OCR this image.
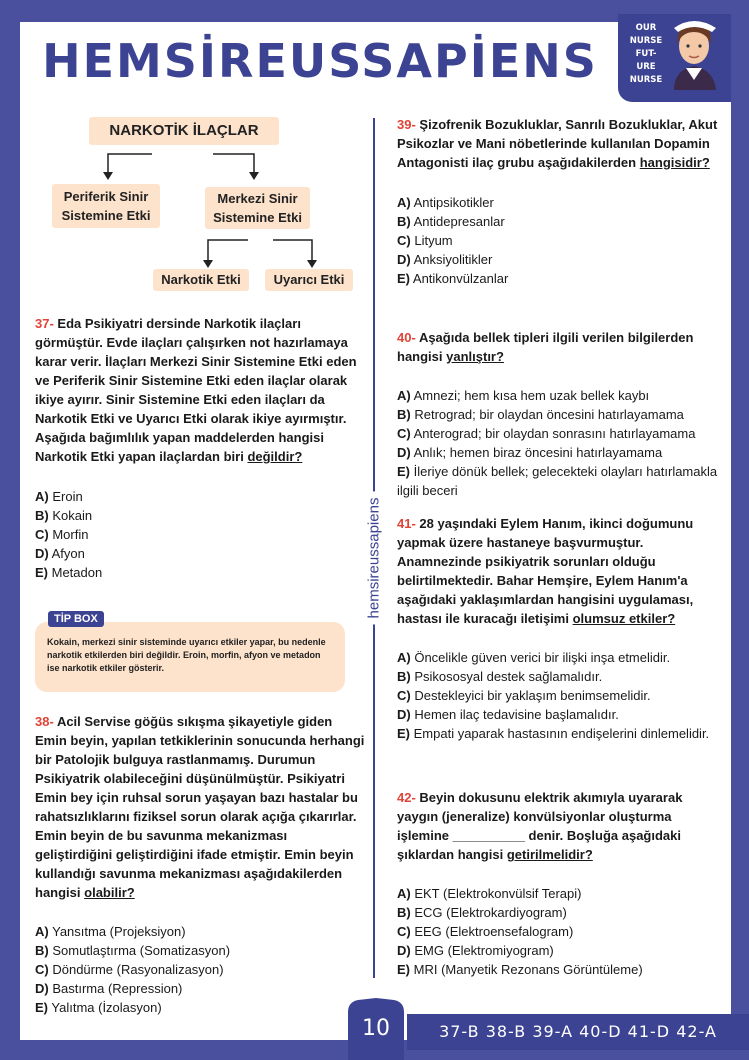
HEMSİREUSSAPİENS
OUR
NURSE
FUT-
URE
NURSE
NARKOTİK İLAÇLAR
Periferik Sinir Sistemine Etki
Merkezi Sinir Sistemine Etki
Narkotik Etki	Uyarıcı Etki
hemsireussapiens

37- Eda Psikiyatri dersinde Narkotik ilaçları görmüştür. Evde ilaçları çalışırken not hazırlamaya karar verir. İlaçları Merkezi Sinir Sistemine Etki eden ve Periferik Sinir Sistemine Etki eden ilaçlar olarak ikiye ayırır. Sinir Sistemine Etki eden ilaçları da Narkotik Etki ve Uyarıcı Etki olarak ikiye ayırmıştır. Aşağıda bağımlılık yapan maddelerden hangisi Narkotik Etki yapan ilaçlardan biri değildir?

A) Eroin
B) Kokain
C) Morfin
D) Afyon
E) Metadon
Kokain, merkezi sinir sisteminde uyarıcı etkiler yapar, bu nedenle narkotik etkilerden biri değildir. Eroin, morfin, afyon ve metadon ise narkotik etkiler gösterir.
TİP BOX

38- Acil Servise göğüs sıkışma şikayetiyle giden Emin beyin, yapılan tetkiklerinin sonucunda herhangi bir Patolojik bulguya rastlanmamış. Durumun Psikiyatrik olabileceğini düşünülmüştür. Psikiyatri Emin bey için ruhsal sorun yaşayan bazı hastalar bu rahatsızlıklarını fiziksel sorun olarak açığa çıkarırlar. Emin beyin de bu savunma mekanizması geliştirdiğini geliştirdiğini ifade etmiştir. Emin beyin kullandığı savunma mekanizması aşağıdakilerden hangisi olabilir?

A) Yansıtma (Projeksiyon)
B) Somutlaştırma (Somatizasyon)
C) Döndürme (Rasyonalizasyon)
D) Bastırma (Repression)
E) Yalıtma (İzolasyon)

39- Şizofrenik Bozukluklar, Sanrılı Bozukluklar, Akut Psikozlar ve Mani nöbetlerinde kullanılan Dopamin Antagonisti ilaç grubu aşağıdakilerden hangisidir?

A) Antipsikotikler
B) Antidepresanlar
C) Lityum
D) Anksiyolitikler
E) Antikonvülzanlar

40- Aşağıda bellek tipleri ilgili verilen bilgilerden hangisi yanlıştır?

A) Amnezi; hem kısa hem uzak bellek kaybı
B) Retrograd; bir olaydan öncesini hatırlayamama
C) Anterograd; bir olaydan sonrasını hatırlayamama
D) Anlık; hemen biraz öncesini hatırlayamama
E) İleriye dönük bellek; gelecekteki olayları hatırlamakla ilgili beceri

41- 28 yaşındaki Eylem Hanım, ikinci doğumunu yapmak üzere hastaneye başvurmuştur. Anamnezinde psikiyatrik sorunları olduğu belirtilmektedir. Bahar Hemşire, Eylem Hanım'a aşağıdaki yaklaşımlardan hangisini uygulaması, hastası ile kuracağı iletişimi olumsuz etkiler?

A) Öncelikle güven verici bir ilişki inşa etmelidir.
B) Psikososyal destek sağlamalıdır.
C) Destekleyici bir yaklaşım benimsemelidir.
D) Hemen ilaç tedavisine başlamalıdır.
E) Empati yaparak hastasının endişelerini dinlemelidir.

42- Beyin dokusunu elektrik akımıyla uyararak yaygın (jeneralize) konvülsiyonlar oluşturma işlemine __________ denir. Boşluğa aşağıdaki şıklardan hangisi getirilmelidir?

A) EKT (Elektrokonvülsif Terapi)
B) ECG (Elektrokardiyogram)
C) EEG (Elektroensefalogram)
D) EMG (Elektromiyogram)
E) MRI (Manyetik Rezonans Görüntüleme)
10	37-B 38-B 39-A 40-D 41-D 42-A
